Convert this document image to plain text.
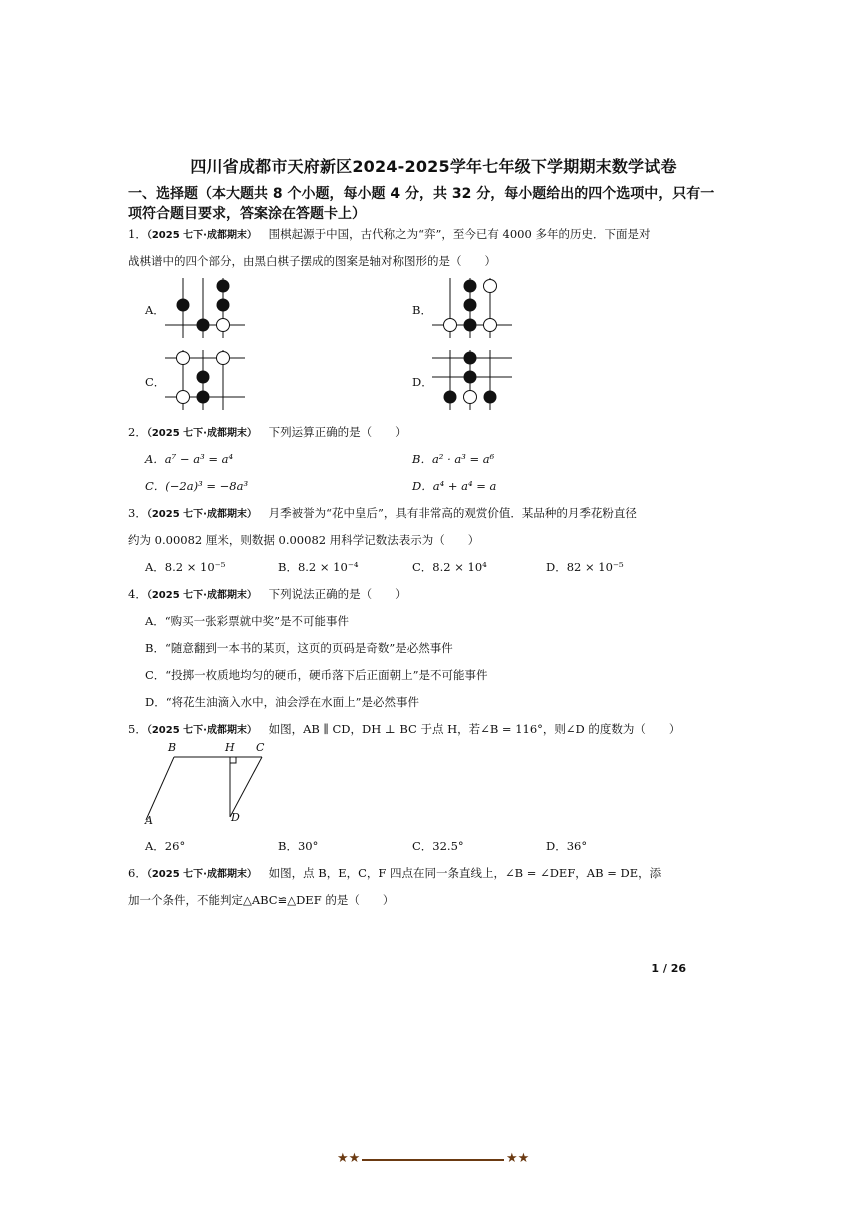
四川省成都市天府新区2024-2025学年七年级下学期期末数学试卷
一、选择题（本大题共 8 个小题，每小题 4 分，共 32 分，每小题给出的四个选项中，只有一
项符合题目要求，答案涂在答题卡上）
1．（2025 七下·成都期末） 围棋起源于中国，古代称之为“弈”，至今已有 4000 多年的历史．下面是对
战棋谱中的四个部分，由黑白棋子摆成的图案是轴对称图形的是（　　）
A．	B．
C．	D．
2．（2025 七下·成都期末） 下列运算正确的是（　　）
A．a⁷ − a³ = a⁴	B．a² · a³ = a⁶
C．(−2a)³ = −8a³	D．a⁴ + a⁴ = a
3．（2025 七下·成都期末） 月季被誉为“花中皇后”，具有非常高的观赏价值．某品种的月季花粉直径
约为 0.00082 厘米，则数据 0.00082 用科学记数法表示为（　　）
A．8.2 × 10⁻⁵	B．8.2 × 10⁻⁴	C．8.2 × 10⁴	D．82 × 10⁻⁵
4．（2025 七下·成都期末） 下列说法正确的是（　　）
A．“购买一张彩票就中奖”是不可能事件
B．“随意翻到一本书的某页，这页的页码是奇数”是必然事件
C．“投掷一枚质地均匀的硬币，硬币落下后正面朝上”是不可能事件
D．“将花生油滴入水中，油会浮在水面上”是必然事件
5．（2025 七下·成都期末） 如图，AB ∥ CD，DH ⊥ BC 于点 H，若∠B = 116°，则∠D 的度数为（　　）
B	H C
A	D
A．26°	B．30°	C．32.5°	D．36°
6．（2025 七下·成都期末） 如图，点 B，E，C，F 四点在同一条直线上，∠B = ∠DEF，AB = DE，添
加一个条件，不能判定△ABC≌△DEF 的是（　　）
1 / 26
★★	★★
